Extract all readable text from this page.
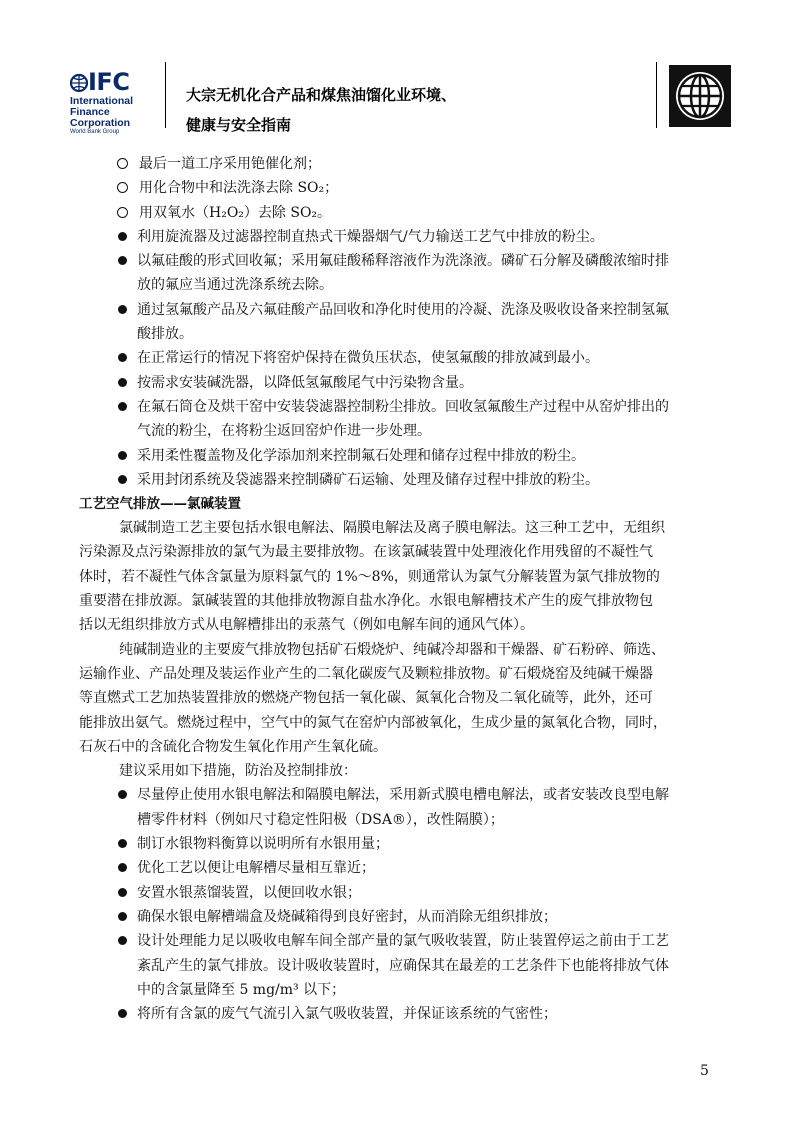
IFC
International
Finance
Corporation
World Bank Group
大宗无机化合产品和煤焦油馏化业环境、
健康与安全指南
最后一道工序采用铯催化剂；
用化合物中和法洗涤去除 SO₂；
用双氧水（H₂O₂）去除 SO₂。
利用旋流器及过滤器控制直热式干燥器烟气/气力输送工艺气中排放的粉尘。
以氟硅酸的形式回收氟；采用氟硅酸稀释溶液作为洗涤液。磷矿石分解及磷酸浓缩时排
放的氟应当通过洗涤系统去除。
通过氢氟酸产品及六氟硅酸产品回收和净化时使用的冷凝、洗涤及吸收设备来控制氢氟
酸排放。
在正常运行的情况下将窑炉保持在微负压状态，使氢氟酸的排放减到最小。
按需求安装碱洗器，以降低氢氟酸尾气中污染物含量。
在氟石筒仓及烘干窑中安装袋滤器控制粉尘排放。回收氢氟酸生产过程中从窑炉排出的
气流的粉尘，在将粉尘返回窑炉作进一步处理。
采用柔性覆盖物及化学添加剂来控制氟石处理和储存过程中排放的粉尘。
采用封闭系统及袋滤器来控制磷矿石运输、处理及储存过程中排放的粉尘。
工艺空气排放——氯碱装置
氯碱制造工艺主要包括水银电解法、隔膜电解法及离子膜电解法。这三种工艺中，无组织
污染源及点污染源排放的氯气为最主要排放物。在该氯碱装置中处理液化作用残留的不凝性气
体时，若不凝性气体含氯量为原料氯气的 1%～8%，则通常认为氯气分解装置为氯气排放物的
重要潜在排放源。氯碱装置的其他排放物源自盐水净化。水银电解槽技术产生的废气排放物包
括以无组织排放方式从电解槽排出的汞蒸气（例如电解车间的通风气体）。
纯碱制造业的主要废气排放物包括矿石煅烧炉、纯碱冷却器和干燥器、矿石粉碎、筛选、
运输作业、产品处理及装运作业产生的二氧化碳废气及颗粒排放物。矿石煅烧窑及纯碱干燥器
等直燃式工艺加热装置排放的燃烧产物包括一氧化碳、氮氧化合物及二氧化硫等，此外，还可
能排放出氨气。燃烧过程中，空气中的氮气在窑炉内部被氧化，生成少量的氮氧化合物，同时，
石灰石中的含硫化合物发生氧化作用产生氧化硫。
建议采用如下措施，防治及控制排放：
尽量停止使用水银电解法和隔膜电解法，采用新式膜电槽电解法，或者安装改良型电解
槽零件材料（例如尺寸稳定性阳极（DSA®），改性隔膜）；
制订水银物料衡算以说明所有水银用量；
优化工艺以便让电解槽尽量相互靠近；
安置水银蒸馏装置，以便回收水银；
确保水银电解槽端盒及烧碱箱得到良好密封，从而消除无组织排放；
设计处理能力足以吸收电解车间全部产量的氯气吸收装置，防止装置停运之前由于工艺
紊乱产生的氯气排放。设计吸收装置时，应确保其在最差的工艺条件下也能将排放气体
中的含氯量降至 5 mg/m³ 以下；
将所有含氯的废气气流引入氯气吸收装置，并保证该系统的气密性；
5
